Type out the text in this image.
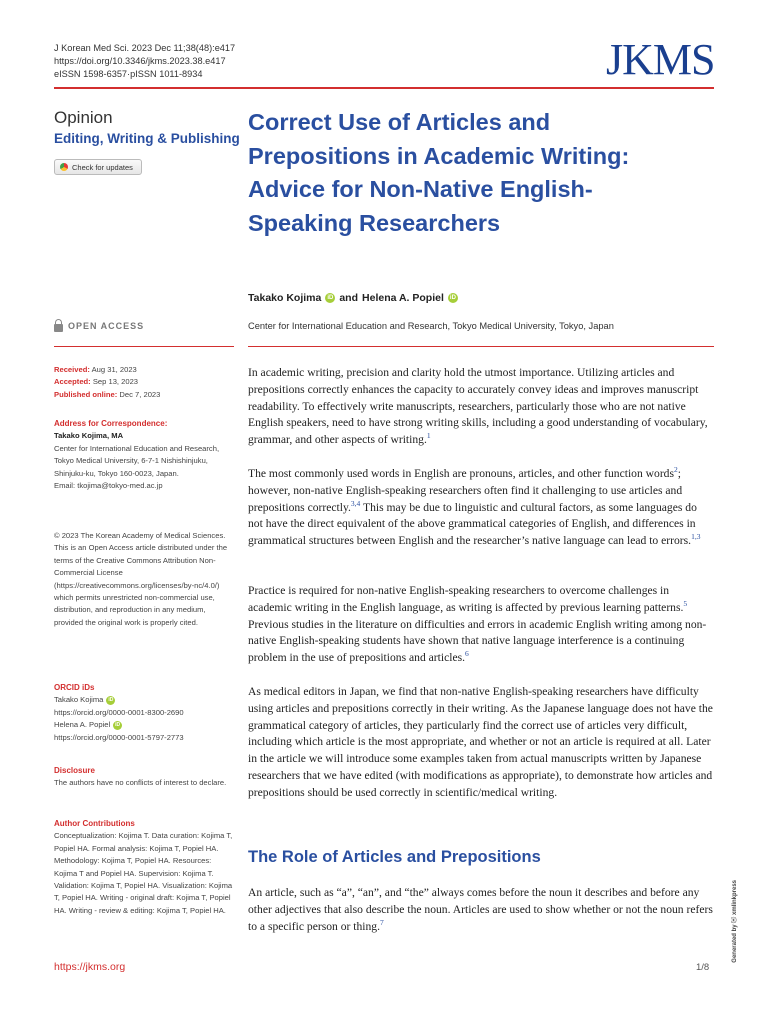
J Korean Med Sci. 2023 Dec 11;38(48):e417
https://doi.org/10.3346/jkms.2023.38.e417
eISSN 1598-6357·pISSN 1011-8934	JKMS
Opinion
Editing, Writing & Publishing
Check for updates
Correct Use of Articles and Prepositions in Academic Writing: Advice for Non-Native English-Speaking Researchers
Takako Kojima	iD and Helena A. Popiel	iD
Center for International Education and Research, Tokyo Medical University, Tokyo, Japan
OPEN ACCESS
Received: Aug 31, 2023
Accepted: Sep 13, 2023
Published online: Dec 7, 2023
Address for Correspondence:
Takako Kojima, MA
Center for International Education and Research, Tokyo Medical University, 6-7-1 Nishishinjuku, Shinjuku-ku, Tokyo 160-0023, Japan.
Email: tkojima@tokyo-med.ac.jp
© 2023 The Korean Academy of Medical Sciences.
This is an Open Access article distributed under the terms of the Creative Commons Attribution Non-Commercial License (https://creativecommons.org/licenses/by-nc/4.0/) which permits unrestricted non-commercial use, distribution, and reproduction in any medium, provided the original work is properly cited.
ORCID iDs
Takako Kojima	iD
https://orcid.org/0000-0001-8300-2690
Helena A. Popiel	iD
https://orcid.org/0000-0001-5797-2773
Disclosure
The authors have no conflicts of interest to declare.
Author Contributions
Conceptualization: Kojima T. Data curation: Kojima T, Popiel HA. Formal analysis: Kojima T, Popiel HA. Methodology: Kojima T, Popiel HA. Resources: Kojima T and Popiel HA. Supervision: Kojima T. Validation: Kojima T, Popiel HA. Visualization: Kojima T, Popiel HA. Writing - original draft: Kojima T, Popiel HA. Writing - review & editing: Kojima T, Popiel HA.

In academic writing, precision and clarity hold the utmost importance. Utilizing articles and prepositions correctly enhances the capacity to accurately convey ideas and improves manuscript readability. To effectively write manuscripts, researchers, particularly those who are not native English speakers, need to have strong writing skills, including a good understanding of vocabulary, grammar, and other aspects of writing.$^1$

The most commonly used words in English are pronouns, articles, and other function words$^2$; however, non-native English-speaking researchers often find it challenging to use articles and prepositions correctly.$^{3,4}$ This may be due to linguistic and cultural factors, as some languages do not have the direct equivalent of the above grammatical categories of English, and differences in grammatical structures between English and the researcher’s native language can lead to errors.$^{1,3}$

Practice is required for non-native English-speaking researchers to overcome challenges in academic writing in the English language, as writing is affected by previous learning patterns.$^5$ Previous studies in the literature on difficulties and errors in academic English writing among non-native English-speaking students have shown that native language interference is a continuing problem in the use of prepositions and articles.$^6$

As medical editors in Japan, we find that non-native English-speaking researchers have difficulty using articles and prepositions correctly in their writing. As the Japanese language does not have the grammatical category of articles, they particularly find the correct use of articles very difficult, including which article is the most appropriate, and whether or not an article is required at all. Later in the article we will introduce some examples taken from actual manuscripts written by Japanese researchers that we have edited (with modifications as appropriate), to demonstrate how articles and prepositions should be used correctly in scientific/medical writing.

The Role of Articles and Prepositions

An article, such as “a”, “an”, and “the” always comes before the noun it describes and before any other adjectives that also describe the noun. Articles are used to show whether or not the noun refers to a specific person or thing.$^7$

https://jkms.org	1/8
Generated by ⓧ xmlinkpress
